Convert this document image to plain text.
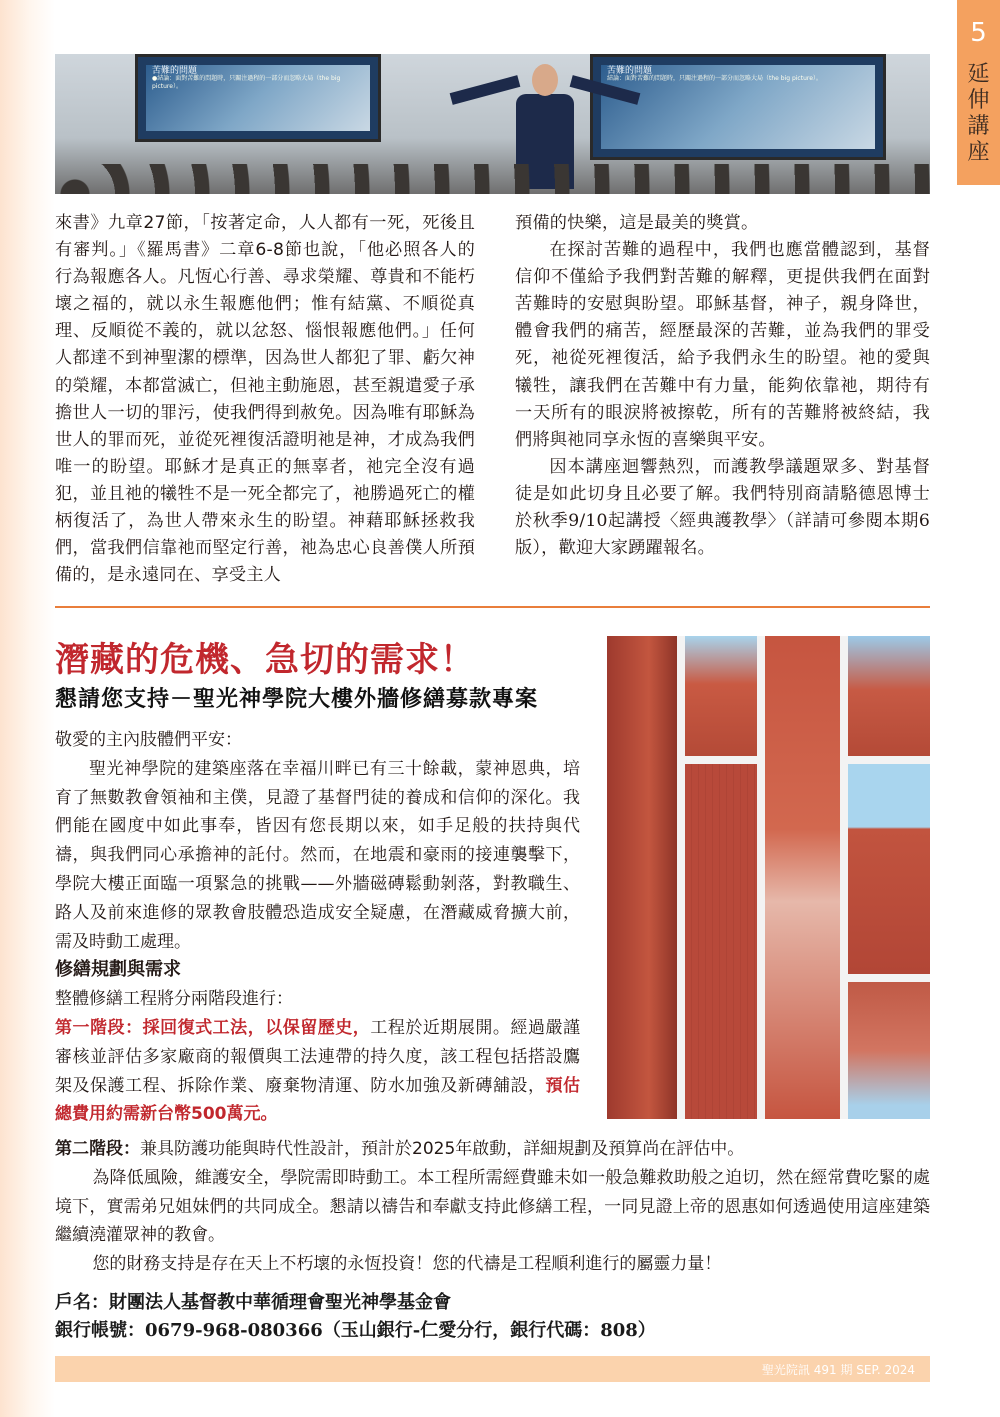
5
延
伸
講
座
苦難的問題
●結論：面對苦難的問題時，只關注過程的一部分而忽略大局（the big picture）。
苦難的問題
結論：面對苦難的問題時，只關注過程的一部分而忽略大局（the big picture）。

來書》九章27節，「按著定命，人人都有一死，死後且有審判。」《羅馬書》二章6-8節也說，「他必照各人的行為報應各人。凡恆心行善、尋求榮耀、尊貴和不能朽壞之福的，就以永生報應他們；惟有結黨、不順從真理、反順從不義的，就以忿怒、惱恨報應他們。」任何人都達不到神聖潔的標準，因為世人都犯了罪、虧欠神的榮耀，本都當滅亡，但祂主動施恩，甚至親遣愛子承擔世人一切的罪污，使我們得到赦免。因為唯有耶穌為世人的罪而死，並從死裡復活證明祂是神，才成為我們唯一的盼望。耶穌才是真正的無辜者，祂完全沒有過犯，並且祂的犧牲不是一死全都完了，祂勝過死亡的權柄復活了，為世人帶來永生的盼望。神藉耶穌拯救我們，當我們信靠祂而堅定行善，祂為忠心良善僕人所預備的，是永遠同在、享受主人

預備的快樂，這是最美的獎賞。

在探討苦難的過程中，我們也應當體認到，基督信仰不僅給予我們對苦難的解釋，更提供我們在面對苦難時的安慰與盼望。耶穌基督，神子，親身降世，體會我們的痛苦，經歷最深的苦難，並為我們的罪受死，祂從死裡復活，給予我們永生的盼望。祂的愛與犧牲，讓我們在苦難中有力量，能夠依靠祂，期待有一天所有的眼淚將被擦乾，所有的苦難將被終結，我們將與祂同享永恆的喜樂與平安。

因本講座迴響熱烈，而護教學議題眾多、對基督徒是如此切身且必要了解。我們特別商請駱德恩博士於秋季9/10起講授〈經典護教學〉（詳請可參閱本期6版），歡迎大家踴躍報名。

潛藏的危機、急切的需求！
懇請您支持－聖光神學院大樓外牆修繕募款專案

敬愛的主內肢體們平安：

聖光神學院的建築座落在幸福川畔已有三十餘載，蒙神恩典，培育了無數教會領袖和主僕，見證了基督門徒的養成和信仰的深化。我們能在國度中如此事奉，皆因有您長期以來，如手足般的扶持與代禱，與我們同心承擔神的託付。然而，在地震和豪雨的接連襲擊下，學院大樓正面臨一項緊急的挑戰——外牆磁磚鬆動剝落，對教職生、路人及前來進修的眾教會肢體恐造成安全疑慮，在潛藏威脅擴大前，需及時動工處理。

修繕規劃與需求

整體修繕工程將分兩階段進行：

第一階段：採回復式工法，以保留歷史，工程於近期展開。經過嚴謹審核並評估多家廠商的報價與工法連帶的持久度，該工程包括搭設鷹架及保護工程、拆除作業、廢棄物清運、防水加強及新磚舖設，預估總費用約需新台幣500萬元。

第二階段：兼具防護功能與時代性設計，預計於2025年啟動，詳細規劃及預算尚在評估中。

為降低風險，維護安全，學院需即時動工。本工程所需經費雖未如一般急難救助般之迫切，然在經常費吃緊的處境下，實需弟兄姐妹們的共同成全。懇請以禱告和奉獻支持此修繕工程，一同見證上帝的恩惠如何透過使用這座建築繼續澆灌眾神的教會。

您的財務支持是存在天上不朽壞的永恆投資！您的代禱是工程順利進行的屬靈力量！

戶名：財團法人基督教中華循理會聖光神學基金會
銀行帳號：0679-968-080366（玉山銀行-仁愛分行，銀行代碼：808）
聖光院訊 491 期 SEP. 2024
